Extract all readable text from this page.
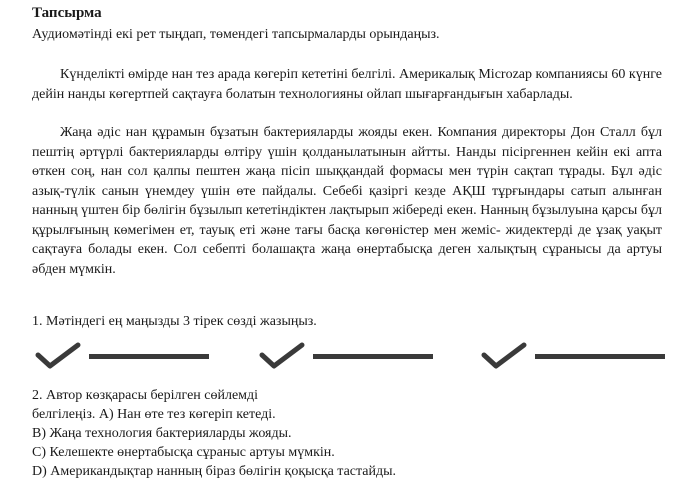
Тапсырма
Аудиомәтінді екі рет тыңдап, төмендегі тапсырмаларды орындаңыз.
Күнделікті өмірде нан тез арада көгеріп кететіні белгілі. Америкалық Microzap компаниясы 60 күнге дейін нанды көгертпей сақтауға болатын технологияны ойлап шығарғандығын хабарлады.
Жаңа әдіс нан құрамын бұзатын бактерияларды жояды екен. Компания директоры Дон Сталл бұл пештің әртүрлі бактерияларды өлтіру үшін қолданылатынын айтты. Нанды пісіргеннен кейін екі апта өткен соң, нан сол қалпы пештен жаңа пісіп шыққандай формасы мен түрін сақтап тұрады. Бұл әдіс азық-түлік санын үнемдеу үшін өте пайдалы. Себебі қазіргі кезде АҚШ тұрғындары сатып алынған нанның үштен бір бөлігін бұзылып кететіндіктен лақтырып жібереді екен. Нанның бұзылуына қарсы бұл құрылғының көмегімен ет, тауық еті және тағы басқа көгөністер мен жеміс- жидектерді де ұзақ уақыт сақтауға болады екен. Сол себепті болашақта жаңа өнертабысқа деген халықтың сұранысы да артуы әбден мүмкін.
1. Мәтіндегі ең маңызды 3 тірек сөзді жазыңыз.
2. Автор көзқарасы берілген сөйлемді
белгілеңіз. А) Нан өте тез көгеріп кетеді.
В) Жаңа технология бактерияларды жояды.
С) Келешекте өнертабысқа сұраныс артуы мүмкін.
D) Американдықтар нанның біраз бөлігін қоқысқа тастайды.
